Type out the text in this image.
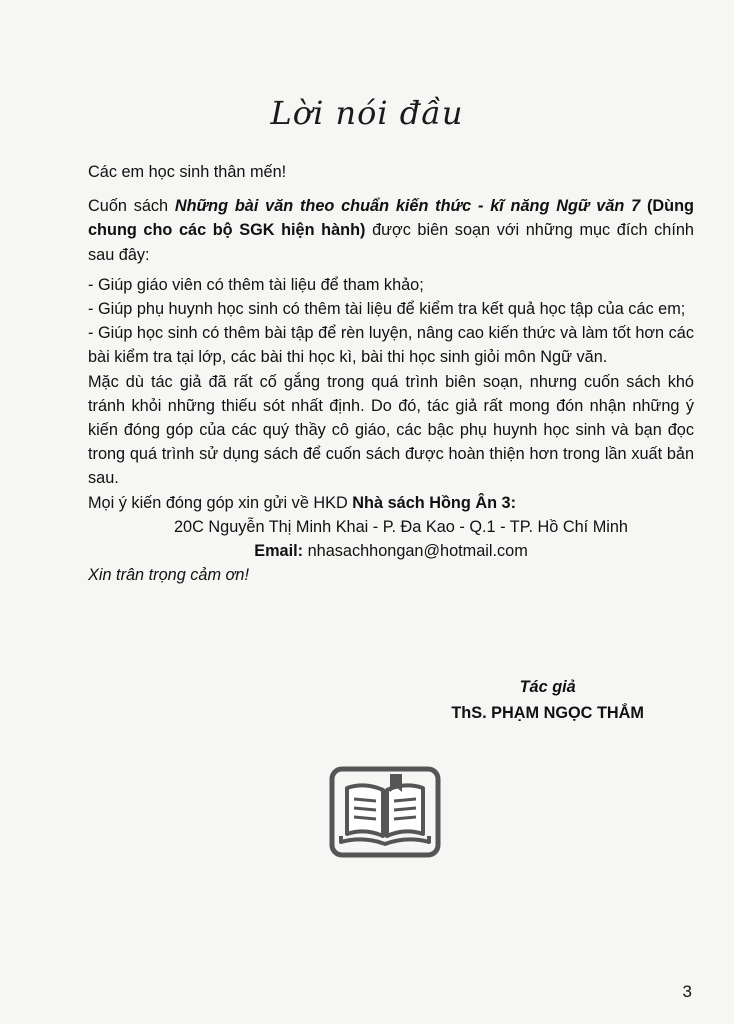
Lời nói đầu

Các em học sinh thân mến!

Cuốn sách Những bài văn theo chuẩn kiến thức - kĩ năng Ngữ văn 7 (Dùng chung cho các bộ SGK hiện hành) được biên soạn với những mục đích chính sau đây:

- Giúp giáo viên có thêm tài liệu để tham khảo;

- Giúp phụ huynh học sinh có thêm tài liệu để kiểm tra kết quả học tập của các em;

- Giúp học sinh có thêm bài tập để rèn luyện, nâng cao kiến thức và làm tốt hơn các bài kiểm tra tại lớp, các bài thi học kì, bài thi học sinh giỏi môn Ngữ văn.

Mặc dù tác giả đã rất cố gắng trong quá trình biên soạn, nhưng cuốn sách khó tránh khỏi những thiếu sót nhất định. Do đó, tác giả rất mong đón nhận những ý kiến đóng góp của các quý thầy cô giáo, các bậc phụ huynh học sinh và bạn đọc trong quá trình sử dụng sách để cuốn sách được hoàn thiện hơn trong lần xuất bản sau.

Mọi ý kiến đóng góp xin gửi về HKD Nhà sách Hồng Ân 3:

20C Nguyễn Thị Minh Khai - P. Đa Kao - Q.1 - TP. Hồ Chí Minh

Email: nhasachhongan@hotmail.com

Xin trân trọng cảm ơn!

Tác giả
ThS. PHẠM NGỌC THẮM
3
